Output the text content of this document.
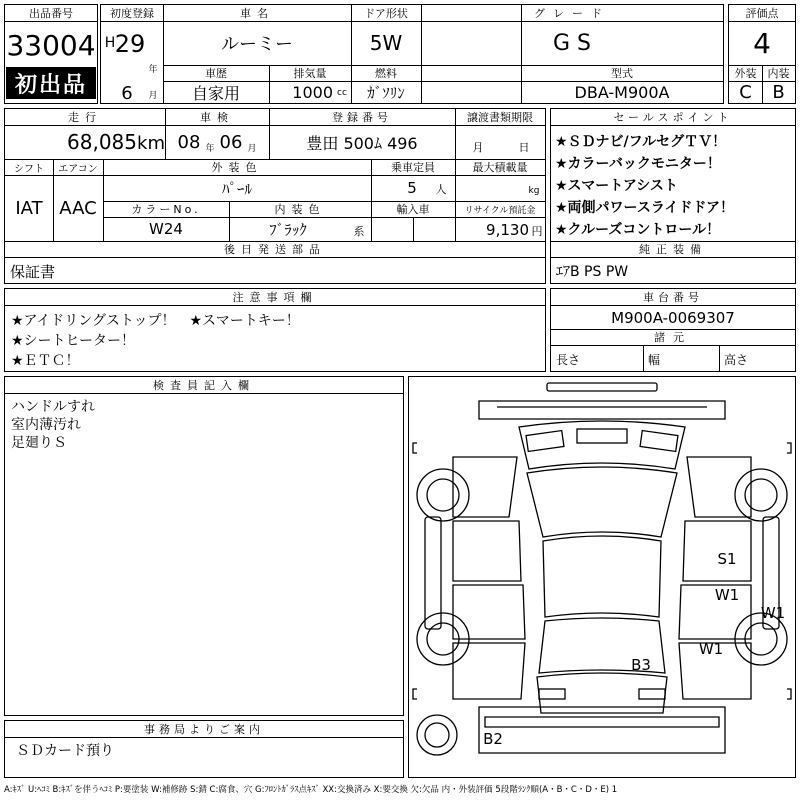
出品番号
33004
初出品
初度登録
H 29
年
6	月
車名
ルーミー
ドア形状
5W
グレード
G S
車歴
自家用
排気量
1000 cc
燃料
ｶﾞｿﾘﾝ
型式
DBA-M900A
評価点
4
外装	内装
C	B
走行
68,085 km
車検
08 年 06 月
登録番号
豊田 500ﾑ 496
譲渡書類期限
月	日
シフト
IAT
エアコン
AAC
外装色
ﾊﾟｰﾙ
乗車定員
5	人
最大積載量
kg
カラーNo.
W24
内装色
ﾌﾞﾗｯｸ	系
輸入車	リサイクル預託金
9,130 円
後日発送部品
保証書
セールスポイント
★ＳＤナビ/フルセグＴＶ！
★カラーバックモニター！
★スマートアシスト
★両側パワースライドドア！
★クルーズコントロール！
純正装備
ｴｱB PS PW
注意事項欄
★アイドリングストップ！　★スマートキー！
★シートヒーター！
★ＥＴＣ！
車台番号
M900A-0069307
諸元
長さ	幅	高さ
検査員記入欄
ハンドルすれ
室内薄汚れ
足廻りＳ
事務局よりご案内
ＳＤカード預り
S1
W1
W1
W1
B3
B2
A:ｷｽﾞ U:ﾍｺﾐ B:ｷｽﾞを伴うﾍｺﾐ P:要塗装 W:補修跡 S:錆 C:腐食、穴 G:ﾌﾛﾝﾄｶﾞﾗｽ点ｷｽﾞ XX:交換済み X:要交換 欠:欠品 内・外装評価 5段階ﾗﾝｸ順(A・B・C・D・E) 1
